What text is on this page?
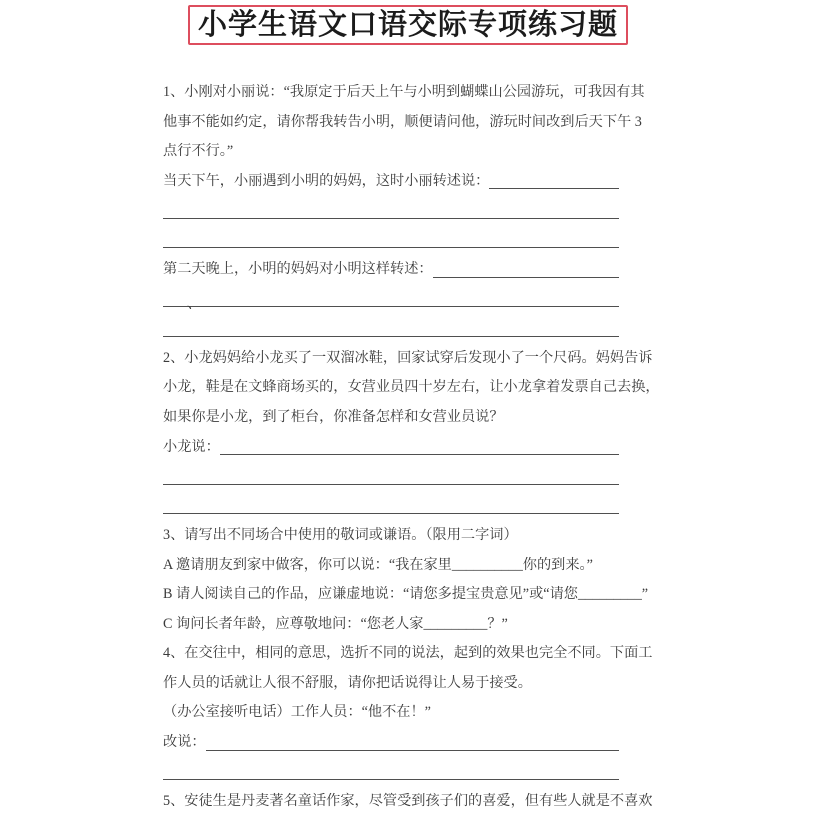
小学生语文口语交际专项练习题
1、小刚对小丽说：“我原定于后天上午与小明到蝴蝶山公园游玩，可我因有其
他事不能如约定，请你帮我转告小明，顺便请问他，游玩时间改到后天下午 3
点行不行。”
当天下午，小丽遇到小明的妈妈，这时小丽转述说：
第二天晚上，小明的妈妈对小明这样转述：
、
2、小龙妈妈给小龙买了一双溜冰鞋，回家试穿后发现小了一个尺码。妈妈告诉
小龙，鞋是在文蜂商场买的，女营业员四十岁左右，让小龙拿着发票自己去换，
如果你是小龙，到了柜台，你准备怎样和女营业员说？
小龙说：
3、请写出不同场合中使用的敬词或谦语。（限用二字词）
A 邀请朋友到家中做客，你可以说：“我在家里__________你的到来。”
B 请人阅读自己的作品，应谦虚地说：“请您多提宝贵意见”或“请您_________”
C 询问长者年龄，应尊敬地问：“您老人家_________？”
4、在交往中，相同的意思，选折不同的说法，起到的效果也完全不同。下面工
作人员的话就让人很不舒服，请你把话说得让人易于接受。
（办公室接听电话）工作人员：“他不在！”
改说：
5、安徒生是丹麦著名童话作家，尽管受到孩子们的喜爱，但有些人就是不喜欢
